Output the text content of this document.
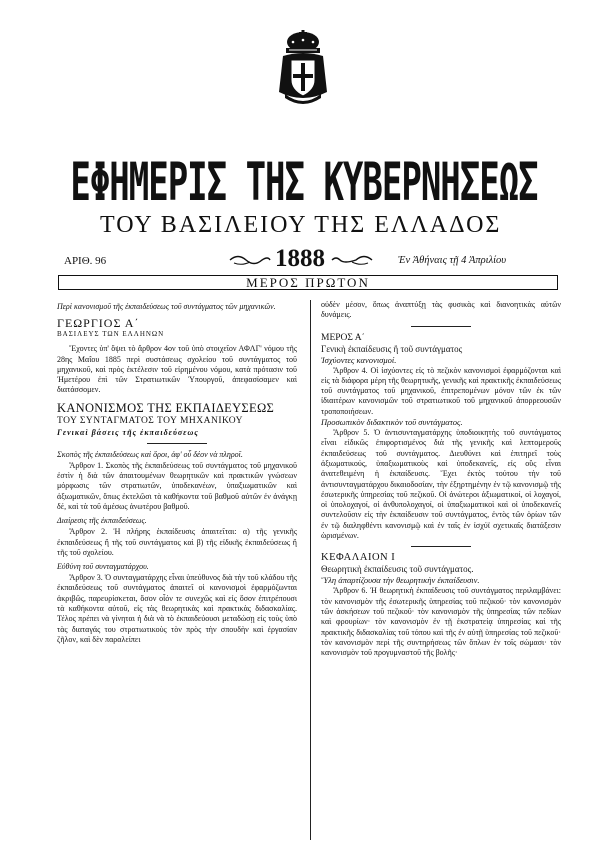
ΕΦΗΜΕΡΙΣ ΤΗΣ ΚΥΒΕΡΝΗΣΕΩΣ
ΤΟΥ ΒΑΣΙΛΕΙΟΥ ΤΗΣ ΕΛΛΑΔΟΣ
ΑΡΙΘ. 96	1888	Ἐν Ἀθήναις τῇ 4 Ἀπριλίου
ΜΕΡΟΣ ΠΡΩΤΟΝ

Περὶ κανονισμοῦ τῆς ἐκπαιδεύσεως τοῦ συντάγματος τῶν μηχανικῶν.

ΓΕΩΡΓΙΟΣ Α΄

ΒΑΣΙΛΕΥΣ ΤΩΝ ΕΛΛΗΝΩΝ

Ἔχοντες ὑπ' ὄψει τὸ ἄρθρον 4ον τοῦ ὑπὸ στοιχεῖον ΑΦΛΓ' νόμου τῆς 28ης Μαΐου 1885 περὶ συστάσεως σχολείου τοῦ συντάγματος τοῦ μηχανικοῦ, καὶ πρὸς ἐκτέλεσιν τοῦ εἰρημένου νόμου, κατὰ πρότασιν τοῦ Ἡμετέρου ἐπὶ τῶν Στρατιωτικῶν Ὑπουργοῦ, ἀπεφασίσαμεν καὶ διατάσσομεν.

ΚΑΝΟΝΙΣΜΟΣ ΤΗΣ ΕΚΠΑΙΔΕΥΣΕΩΣ

ΤΟΥ ΣΥΝΤΑΓΜΑΤΟΣ ΤΟΥ ΜΗΧΑΝΙΚΟΥ

Γενικαὶ βάσεις τῆς ἐκπαιδεύσεως

Σκοπὸς τῆς ἐκπαιδεύσεως καὶ ὅροι, ἀφ' οὗ δέον νὰ πληροῖ.

Ἄρθρον 1. Σκοπὸς τῆς ἐκπαιδεύσεως τοῦ συντάγματος τοῦ μηχανικοῦ ἐστὶν ἡ διὰ τῶν ἀπαιτουμένων θεωρητικῶν καὶ πρακτικῶν γνώσεων μόρφωσις τῶν στρατιωτῶν, ὑποδεκανέων, ὑπαξιωματικῶν καὶ ἀξιωματικῶν, ὅπως ἐκτελῶσι τὰ καθήκοντα τοῦ βαθμοῦ αὐτῶν ἐν ἀνάγκῃ δέ, καὶ τὰ τοῦ ἀμέσως ἀνωτέρου βαθμοῦ.

Διαίρεσις τῆς ἐκπαιδεύσεως.

Ἄρθρον 2. Ἡ πλήρης ἐκπαίδευσις ἀπαιτεῖται: α) τῆς γενικῆς ἐκπαιδεύσεως ἢ τῆς τοῦ συντάγματος καὶ β) τῆς εἰδικῆς ἐκπαιδεύσεως ἢ τῆς τοῦ σχολείου.

Εὐθύνη τοῦ συνταγματάρχου.

Ἄρθρον 3. Ὁ συνταγματάρχης εἶναι ὑπεύθυνος διὰ τὴν τοῦ κλάδου τῆς ἐκπαιδεύσεως τοῦ συντάγματος ἀπαιτεῖ οἱ κανονισμοὶ ἐφαρμόζωνται ἀκριβῶς, παρευρίσκεται, ὅσον οἷόν τε συνεχῶς καὶ εἰς ὅσον ἐπιτρέπουσι τὰ καθήκοντα αὐτοῦ, εἰς τὰς θεωρητικὰς καὶ πρακτικὰς διδασκαλίας. Τέλος πρέπει νὰ γίνηται ἡ διὰ νὰ τὸ ἐκπαιδεύουσι μεταδώσῃ εἰς τοὺς ὑπὸ τὰς διαταγάς του στρατιωτικοὺς τὸν πρὸς τὴν σπουδὴν καὶ ἐργασίαν ζῆλον, καὶ δὲν παραλείπει

οὐδὲν μέσον, ὅπως ἀναπτύξῃ τὰς φυσικὰς καὶ διανοητικὰς αὐτῶν δυνάμεις.

ΜΕΡΟΣ Α΄

Γενικὴ ἐκπαίδευσις ἢ τοῦ συντάγματος

Ἰσχύοντες κανονισμοί.

Ἄρθρον 4. Οἱ ἰσχύοντες εἰς τὸ πεζικὸν κανονισμοὶ ἐφαρμόζονται καὶ εἰς τὰ διάφορα μέρη τῆς θεωρητικῆς, γενικῆς καὶ πρακτικῆς ἐκπαιδεύσεως τοῦ συντάγματος τοῦ μηχανικοῦ, ἐπιτρεπομένων μόνον τῶν ἐκ τῶν ἰδιαιτέρων κανονισμῶν τοῦ στρατιωτικοῦ τοῦ μηχανικοῦ ἀπορρεουσῶν τροποποιήσεων.

Προσωπικὸν διδακτικὸν τοῦ συντάγματος.

Ἄρθρον 5. Ὁ ἀντισυνταγματάρχης ὑποδιοικητὴς τοῦ συντάγματος εἶναι εἰδικῶς ἐπιφορτισμένος διὰ τῆς γενικῆς καὶ λεπτομεροῦς ἐκπαιδεύσεως τοῦ συντάγματος. Διευθύνει καὶ ἐπιτηρεῖ τοὺς ἀξιωματικούς, ὑπαξιωματικοὺς καὶ ὑποδεκανεῖς, εἰς οὓς εἶναι ἀνατεθειμένη ἡ ἐκπαίδευσις. Ἔχει ἐκτὸς τούτου τὴν τοῦ ἀντισυνταγματάρχου δικαιοδοσίαν, τὴν ἐξηρτημένην ἐν τῷ κανονισμῷ τῆς ἐσωτερικῆς ὑπηρεσίας τοῦ πεζικοῦ. Οἱ ἀνώτεροι ἀξιωματικοί, οἱ λοχαγοί, οἱ ὑπολοχαγοί, οἱ ἀνθυπολοχαγοί, οἱ ὑπαξιωματικοὶ καὶ οἱ ὑποδεκανεῖς συντελοῦσιν εἰς τὴν ἐκπαίδευσιν τοῦ συντάγματος, ἐντὸς τῶν ὁρίων τῶν ἐν τῷ διαληφθέντι κανονισμῷ καὶ ἐν ταῖς ἐν ἰσχύϊ σχετικαῖς διατάξεσιν ὡρισμένων.

ΚΕΦΑΛΑΙΟΝ Ι

Θεωρητικὴ ἐκπαίδευσις τοῦ συντάγματος.

Ὕλη ἀπαρτίζουσα τὴν θεωρητικὴν ἐκπαίδευσιν.

Ἄρθρον 6. Ἡ θεωρητικὴ ἐκπαίδευσις τοῦ συντάγματος περιλαμβάνει: τὸν κανονισμὸν τῆς ἐσωτερικῆς ὑπηρεσίας τοῦ πεζικοῦ· τὸν κανονισμὸν τῶν ἀσκήσεων τοῦ πεζικοῦ· τὸν κανονισμὸν τῆς ὑπηρεσίας τῶν πεδίων καὶ φρουρίων· τὸν κανονισμὸν ἐν τῇ ἐκστρατείᾳ ὑπηρεσίας καὶ τῆς πρακτικῆς διδασκαλίας τοῦ τόπου καὶ τῆς ἐν αὐτῇ ὑπηρεσίας τοῦ πεζικοῦ· τὸν κανονισμὸν περὶ τῆς συντηρήσεως τῶν ὅπλων ἐν τοῖς σώμασι· τὸν κανονισμὸν τοῦ προγυμναστοῦ τῆς βολῆς·
